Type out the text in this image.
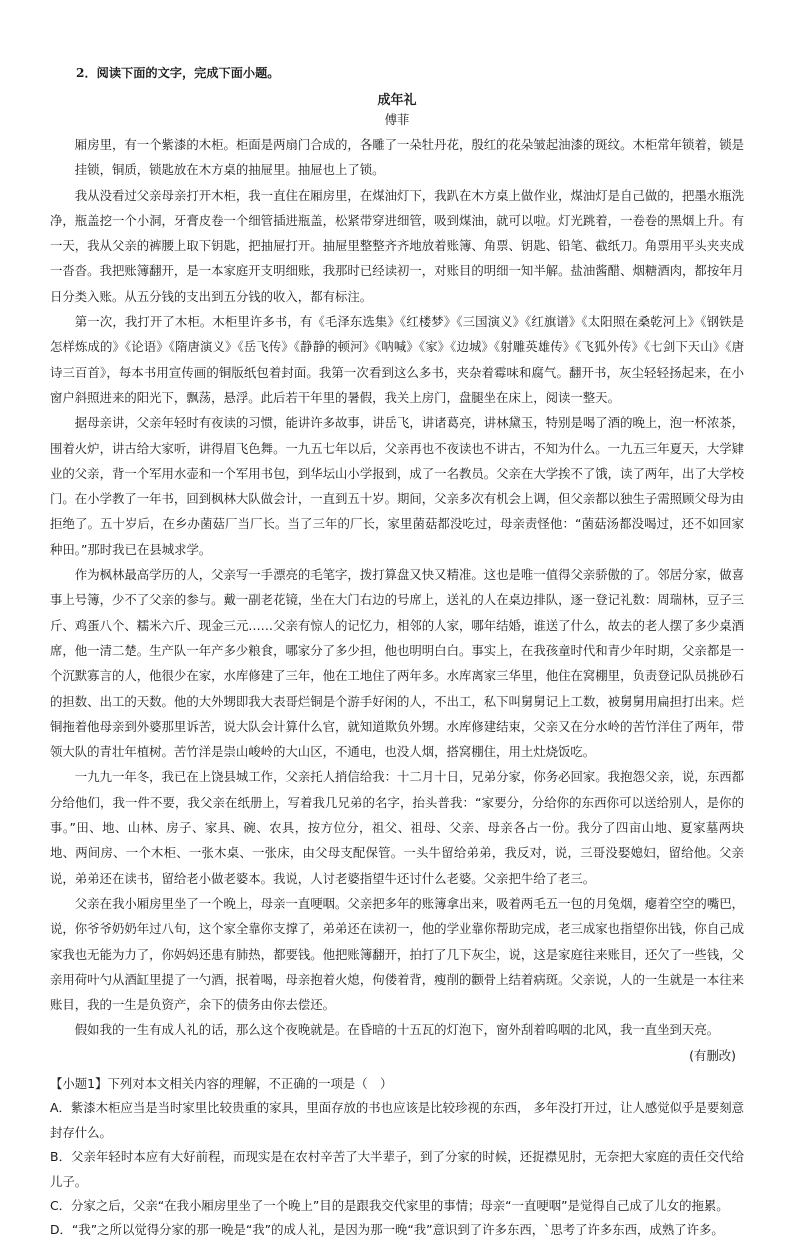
2．阅读下面的文字，完成下面小题。

成年礼
傅菲

厢房里，有一个紫漆的木柜。柜面是两扇门合成的，各雕了一朵牡丹花，殷红的花朵皱起油漆的斑纹。木柜常年锁着，锁是挂锁，铜质，锁匙放在木方桌的抽屉里。抽屉也上了锁。

我从没看过父亲母亲打开木柜，我一直住在厢房里，在煤油灯下，我趴在木方桌上做作业，煤油灯是自己做的，把墨水瓶洗净，瓶盖挖一个小洞，牙膏皮卷一个细管插进瓶盖，松紧带穿进细管，吸到煤油，就可以啦。灯光跳着，一卷卷的黑烟上升。有一天，我从父亲的裤腰上取下钥匙，把抽屉打开。抽屉里整整齐齐地放着账簿、角票、钥匙、铅笔、截纸刀。角票用平头夹夹成一沓沓。我把账簿翻开，是一本家庭开支明细账，我那时已经读初一，对账目的明细一知半解。盐油酱醋、烟糖酒肉，都按年月日分类入账。从五分钱的支出到五分钱的收入，都有标注。

第一次，我打开了木柜。木柜里许多书，有《毛泽东选集》《红楼梦》《三国演义》《红旗谱》《太阳照在桑乾河上》《钢铁是怎样炼成的》《论语》《隋唐演义》《岳飞传》《静静的顿河》《呐喊》《家》《边城》《射雕英雄传》《飞狐外传》《七剑下天山》《唐诗三百首》，每本书用宣传画的铜版纸包着封面。我第一次看到这么多书，夹杂着霉味和腐气。翻开书，灰尘轻轻扬起来，在小窗户斜照进来的阳光下，飘荡，悬浮。此后若干年里的暑假，我关上房门，盘腿坐在床上，阅读一整天。

据母亲讲，父亲年轻时有夜读的习惯，能讲许多故事，讲岳飞，讲诸葛亮，讲林黛玉，特别是喝了酒的晚上，泡一杯浓茶，围着火炉，讲古给大家听，讲得眉飞色舞。一九五七年以后，父亲再也不夜读也不讲古，不知为什么。一九五三年夏天，大学肄业的父亲，背一个军用水壶和一个军用书包，到华坛山小学报到，成了一名教员。父亲在大学挨不了饿，读了两年，出了大学校门。在小学教了一年书，回到枫林大队做会计，一直到五十岁。期间，父亲多次有机会上调，但父亲都以独生子需照顾父母为由拒绝了。五十岁后，在乡办菌菇厂当厂长。当了三年的厂长，家里菌菇都没吃过，母亲责怪他：“菌菇汤都没喝过，还不如回家种田。”那时我已在县城求学。

作为枫林最高学历的人，父亲写一手漂亮的毛笔字，拨打算盘又快又精准。这也是唯一值得父亲骄傲的了。邻居分家，做喜事上号簿，少不了父亲的参与。戴一副老花镜，坐在大门右边的号席上，送礼的人在桌边排队，逐一登记礼数：周瑞林，豆子三斤、鸡蛋八个、糯米六斤、现金三元……父亲有惊人的记忆力，相邻的人家，哪年结婚，谁送了什么，故去的老人摆了多少桌酒席，他一清二楚。生产队一年产多少粮食，哪家分了多少担，他也明明白白。事实上，在我孩童时代和青少年时期，父亲都是一个沉默寡言的人，他很少在家，水库修建了三年，他在工地住了两年多。水库离家三华里，他住在窝棚里，负责登记队员挑砂石的担数、出工的天数。他的大外甥即我大表哥烂铜是个游手好闲的人，不出工，私下叫舅舅记上工数，被舅舅用扁担打出来。烂铜拖着他母亲到外婆那里诉苦，说大队会计算什么官，就知道欺负外甥。水库修建结束，父亲又在分水岭的苦竹洋住了两年，带领大队的青壮年植树。苦竹洋是崇山峻岭的大山区，不通电，也没人烟，搭窝棚住，用土灶烧饭吃。

一九九一年冬，我已在上饶县城工作，父亲托人捎信给我：十二月十日，兄弟分家，你务必回家。我抱怨父亲，说，东西都分给他们，我一件不要，我父亲在纸册上，写着我几兄弟的名字，抬头普我：“家要分，分给你的东西你可以送给别人，是你的事。”田、地、山林、房子、家具、碗、农具，按方位分，祖父、祖母、父亲、母亲各占一份。我分了四亩山地、夏家墓两块地、两间房、一个木柜、一张木桌、一张床，由父母支配保管。一头牛留给弟弟，我反对，说，三哥没娶媳妇，留给他。父亲说，弟弟还在读书，留给老小做老婆本。我说，人讨老婆指望牛还讨什么老婆。父亲把牛给了老三。

父亲在我小厢房里坐了一个晚上，母亲一直哽咽。父亲把多年的账簿拿出来，吸着两毛五一包的月兔烟，瘪着空空的嘴巴，说，你爷爷奶奶年过八旬，这个家全靠你支撑了，弟弟还在读初一，他的学业靠你帮助完成，老三成家也指望你出钱，你自己成家我也无能为力了，你妈妈还患有肺热，都要钱。他把账簿翻开，拍打了几下灰尘，说，这是家庭往来账目，还欠了一些钱，父亲用荷叶勺从酒缸里提了一勺酒，抿着喝，母亲抱着火熄，佝偻着背，瘦削的颧骨上结着病斑。父亲说，人的一生就是一本往来账目，我的一生是负资产，余下的债务由你去偿还。

假如我的一生有成人礼的话，那么这个夜晚就是。在昏暗的十五瓦的灯泡下，窗外刮着呜咽的北风，我一直坐到天亮。

(有删改)

【小题1】下列对本文相关内容的理解，不正确的一项是（　）

A．紫漆木柜应当是当时家里比较贵重的家具，里面存放的书也应该是比较珍视的东西， 多年没打开过，让人感觉似乎是要刻意封存什么。

B．父亲年轻时本应有大好前程，而现实是在农村辛苦了大半辈子，到了分家的时候，还捉襟见肘，无奈把大家庭的责任交代给儿子。

C．分家之后，父亲“在我小厢房里坐了一个晚上”目的是跟我交代家里的事情；母亲“一直哽咽”是觉得自己成了儿女的拖累。

D．“我”之所以觉得分家的那一晚是“我”的成人礼，是因为那一晚“我”意识到了许多东西，`思考了许多东西，成熟了许多。
